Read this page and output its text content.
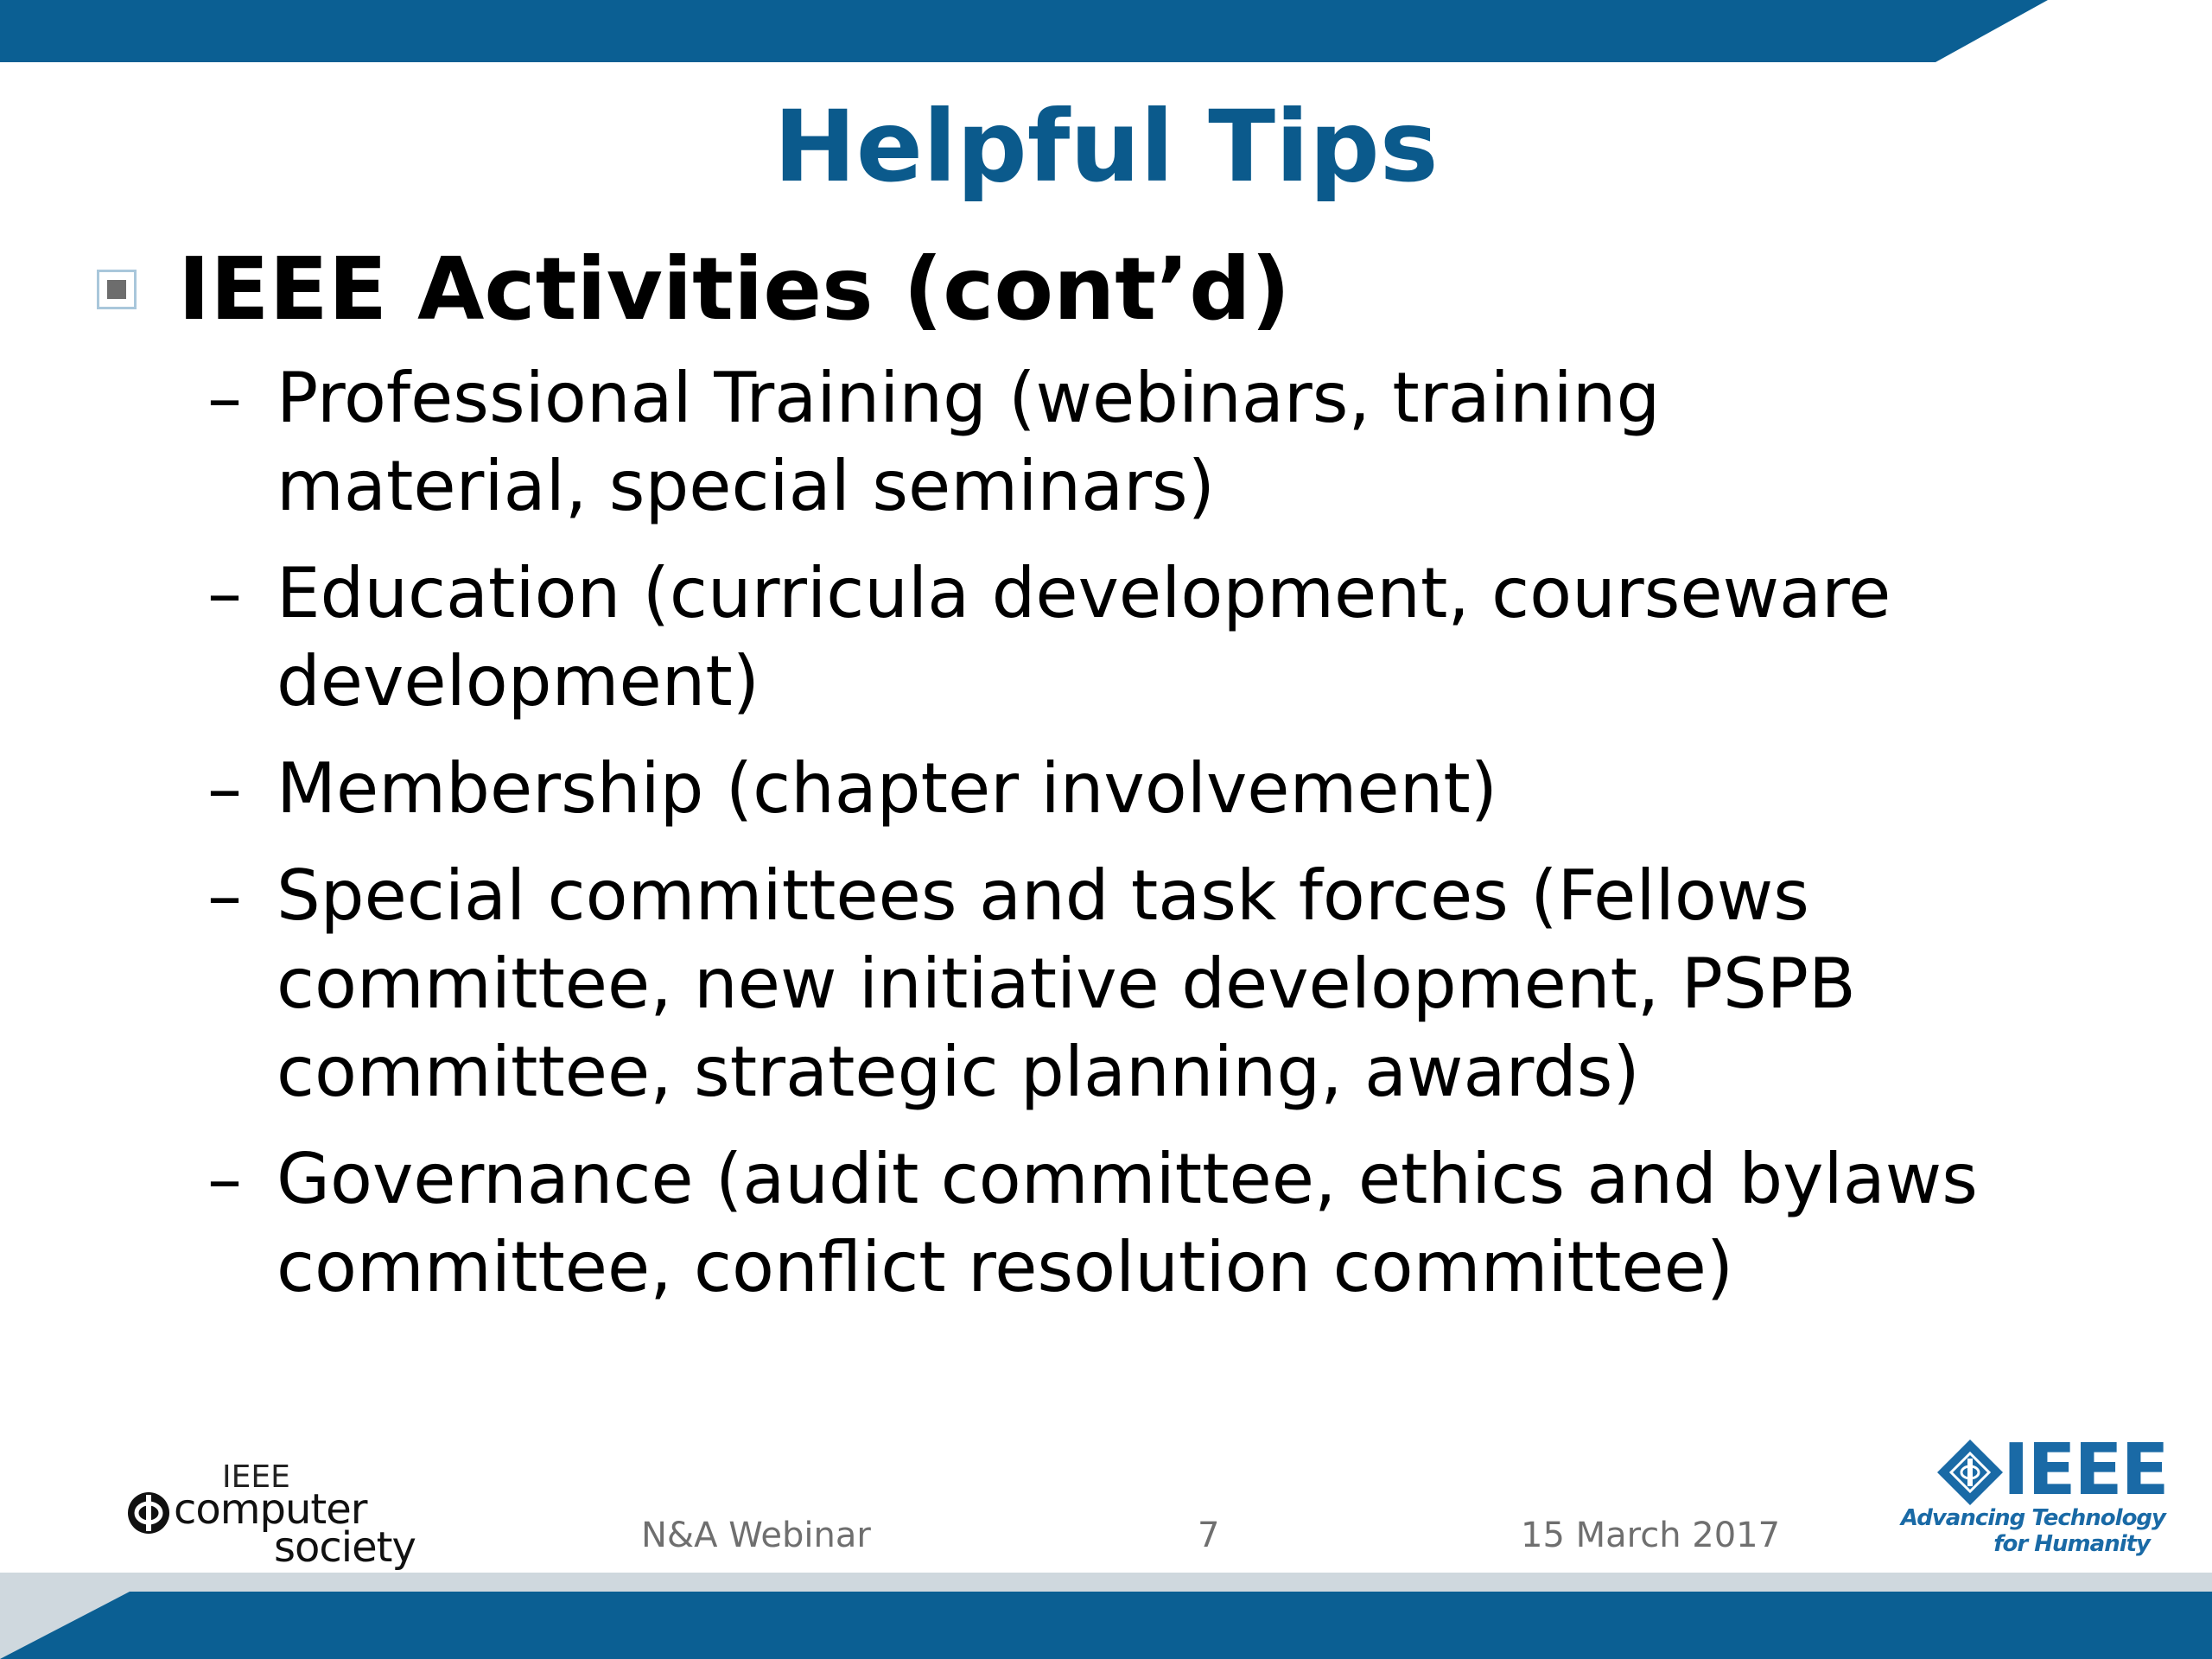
Helpful Tips
IEEE Activities (cont’d)
– Professional Training (webinars, training
material, special seminars)
– Education (curricula development, courseware
development)
– Membership (chapter involvement)
– Special committees and task forces (Fellows
committee, new initiative development, PSPB
committee, strategic planning, awards)
– Governance (audit committee, ethics and bylaws
committee, conflict resolution committee)
IEEE
computer
society	N&A Webinar	7	15 March 2017
IEEE
Advancing Technology
for Humanity
